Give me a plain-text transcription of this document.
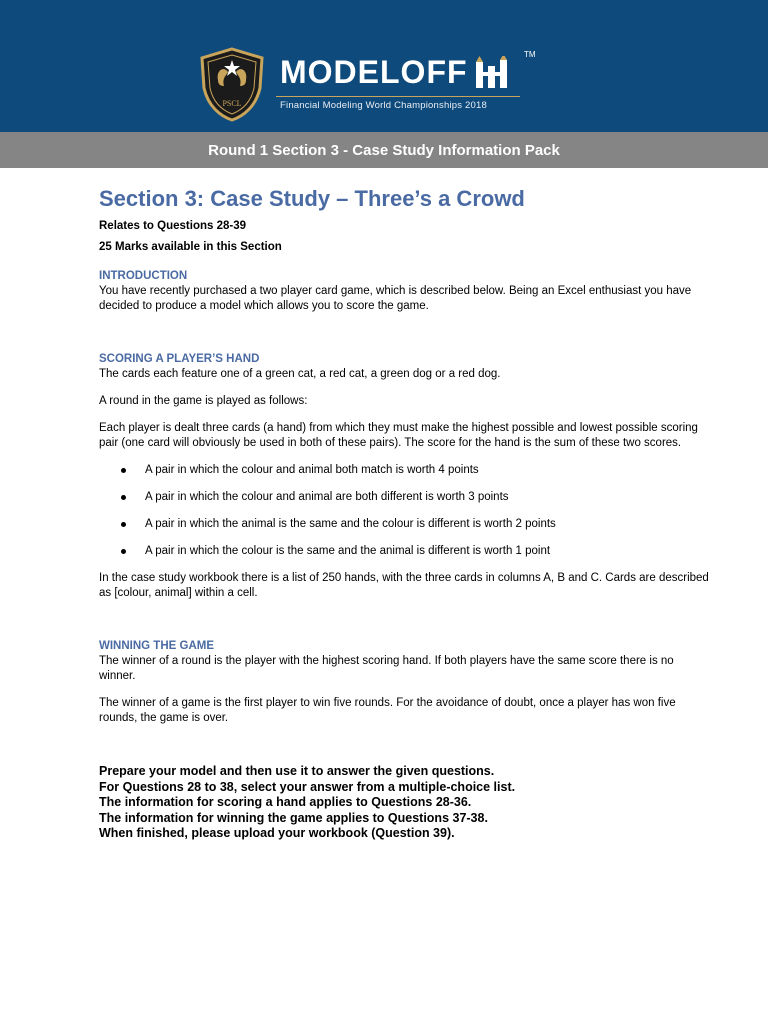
PSCL
MODELOFF	TM
Financial Modeling World Championships 2018
Round 1 Section 3 - Case Study Information Pack
Section 3: Case Study – Three’s a Crowd
Relates to Questions 28-39
25 Marks available in this Section
INTRODUCTION

You have recently purchased a two player card game, which is described below. Being an Excel enthusiast you have decided to produce a model which allows you to score the game.

SCORING A PLAYER’S HAND

The cards each feature one of a green cat, a red cat, a green dog or a red dog.

A round in the game is played as follows:

Each player is dealt three cards (a hand) from which they must make the highest possible and lowest possible scoring pair (one card will obviously be used in both of these pairs). The score for the hand is the sum of these two scores.

A pair in which the colour and animal both match is worth 4 points
A pair in which the colour and animal are both different is worth 3 points
A pair in which the animal is the same and the colour is different is worth 2 points
A pair in which the colour is the same and the animal is different is worth 1 point

In the case study workbook there is a list of 250 hands, with the three cards in columns A, B and C. Cards are described as [colour, animal] within a cell.

WINNING THE GAME

The winner of a round is the player with the highest scoring hand. If both players have the same score there is no winner.

The winner of a game is the first player to win five rounds. For the avoidance of doubt, once a player has won five rounds, the game is over.

Prepare your model and then use it to answer the given questions.
For Questions 28 to 38, select your answer from a multiple-choice list.
The information for scoring a hand applies to Questions 28-36.
The information for winning the game applies to Questions 37-38.
When finished, please upload your workbook (Question 39).
